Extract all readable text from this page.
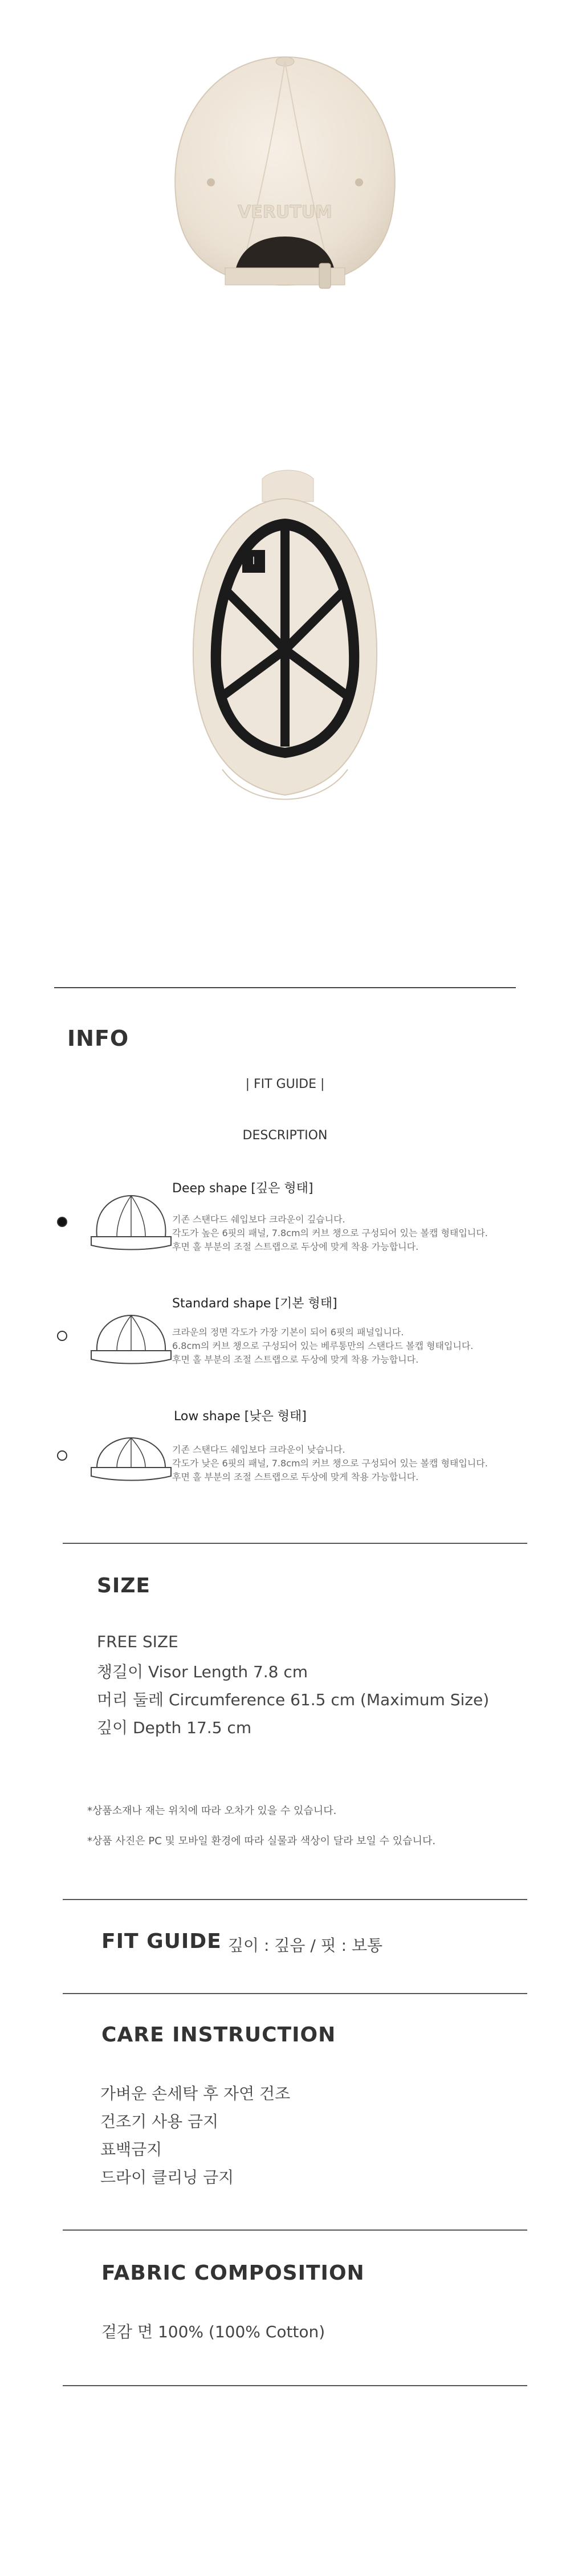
VERUTUM
ꟾ
INFO
| FIT GUIDE |
DESCRIPTION
Deep shape [깊은 형태]
기존 스탠다드 쉐입보다 크라운이 깊습니다.
각도가 높은 6핏의 패널, 7.8cm의 커브 챙으로 구성되어 있는 볼캡 형태입니다.
후면 홀 부분의 조절 스트랩으로 두상에 맞게 착용 가능합니다.
Standard shape [기본 형태]
크라운의 정면 각도가 가장 기본이 되어 6핏의 패널입니다.
6.8cm의 커브 챙으로 구성되어 있는 베루통만의 스탠다드 볼캡 형태입니다.
후면 홀 부분의 조절 스트랩으로 두상에 맞게 착용 가능합니다.
Low shape [낮은 형태]
기존 스탠다드 쉐입보다 크라운이 낮습니다.
각도가 낮은 6핏의 패널, 7.8cm의 커브 챙으로 구성되어 있는 볼캡 형태입니다.
후면 홀 부분의 조절 스트랩으로 두상에 맞게 착용 가능합니다.
SIZE
FREE SIZE
챙길이 Visor Length 7.8 cm
머리 둘레 Circumference 61.5 cm (Maximum Size)
깊이 Depth 17.5 cm
*상품소재나 재는 위치에 따라 오차가 있을 수 있습니다.
*상품 사진은 PC 및 모바일 환경에 따라 실물과 색상이 달라 보일 수 있습니다.
FIT GUIDE 깊이 : 깊음 / 핏 : 보통
CARE INSTRUCTION
가벼운 손세탁 후 자연 건조
건조기 사용 금지
표백금지
드라이 클리닝 금지
FABRIC COMPOSITION
겉감 면 100% (100% Cotton)
